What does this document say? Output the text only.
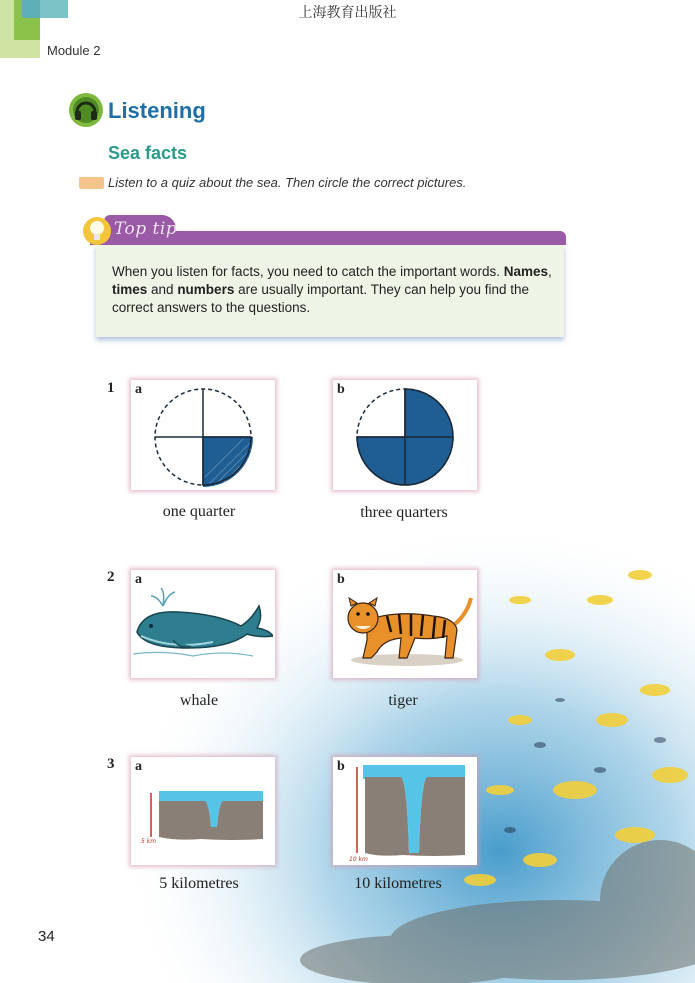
上海教育出版社
Module 2
Listening
Sea facts
Listen to a quiz about the sea. Then circle the correct pictures.
Top tip
When you listen for facts, you need to catch the important words. Names, times and numbers are usually important. They can help you find the correct answers to the questions.
1 a
one quarter
b
three quarters
2 a
whale
b
tiger
3 a
5 km
5 kilometres
b
10 km
10 kilometres
34
